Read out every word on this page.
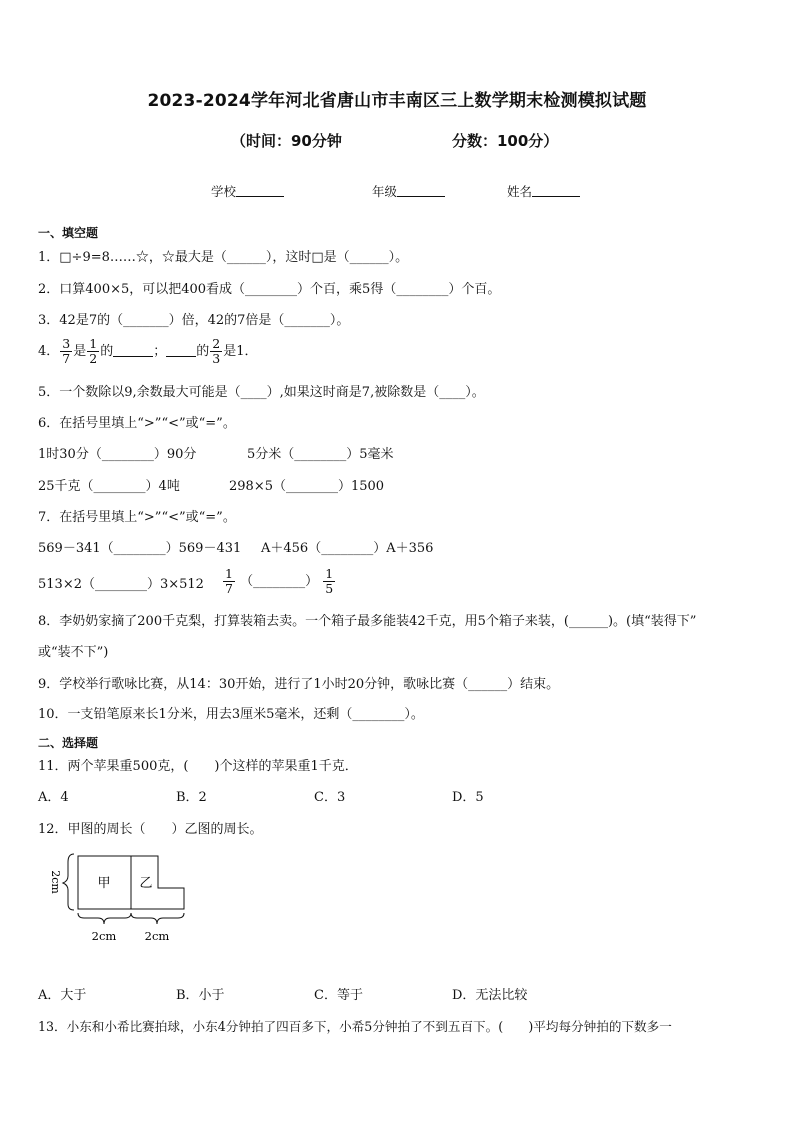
2023-2024学年河北省唐山市丰南区三上数学期末检测模拟试题
（时间：90分钟	分数：100分）
学校	年级	姓名
一、填空题
1．□÷9=8……☆，☆最大是（______），这时□是（______）。
2．口算400×5，可以把400看成（________）个百，乘5得（________）个百。
3．42是7的（_______）倍，42的7倍是（_______）。
4． $\frac{3}{7}$ 是 $\frac{1}{2}$ 的	； 的 $\frac{2}{3}$ 是1．
5．一个数除以9,余数最大可能是（____）,如果这时商是7,被除数是（____）。
6．在括号里填上“>”“<”或“=”。
1时30分（________）90分	5分米（________）5毫米
25千克（________）4吨	298×5（________）1500
7．在括号里填上“>”“<”或“=”。
569－341（________）569－431 A＋456（________）A＋356
513×2（________）3×512 $\frac{1}{7}$ （________） $\frac{1}{5}$
8．李奶奶家摘了200千克梨，打算装箱去卖。一个箱子最多能装42千克，用5个箱子来装，(______)。(填“装得下”
或“装不下”)
9．学校举行歌咏比赛，从14：30开始，进行了1小时20分钟，歌咏比赛（______）结束。
10．一支铅笔原来长1分米，用去3厘米5毫米，还剩（________）。
二、选择题
11．两个苹果重500克，(　　)个这样的苹果重1千克．
A．4	B．2	C．3	D．5
12．甲图的周长（　　）乙图的周长。
2cm	甲 乙
2cm 2cm
A．大于	B．小于	C．等于	D．无法比较
13．小东和小希比赛拍球，小东4分钟拍了四百多下，小希5分钟拍了不到五百下。(　　)平均每分钟拍的下数多一
